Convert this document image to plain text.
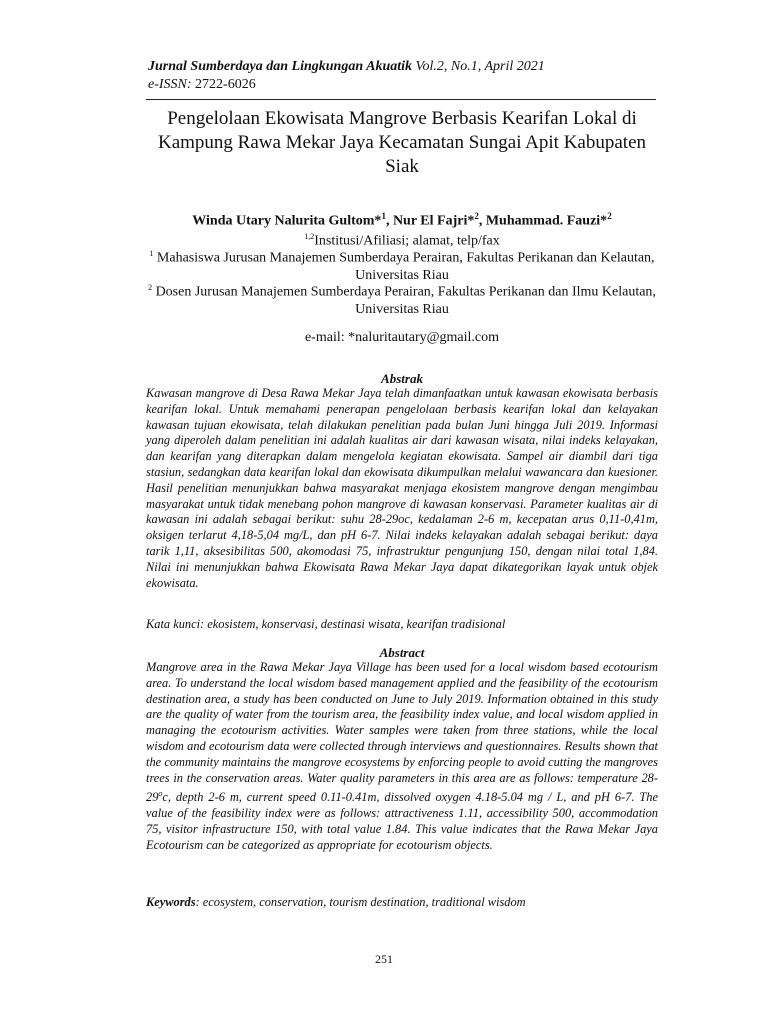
Jurnal Sumberdaya dan Lingkungan Akuatik Vol.2, No.1, April 2021
e-ISSN: 2722-6026
Pengelolaan Ekowisata Mangrove Berbasis Kearifan Lokal di Kampung Rawa Mekar Jaya Kecamatan Sungai Apit Kabupaten Siak
Winda Utary Nalurita Gultom*$^1$, Nur El Fajri*$^2$, Muhammad. Fauzi*$^2$
$^{1,2}$Institusi/Afiliasi; alamat, telp/fax
$^1$ Mahasiswa Jurusan Manajemen Sumberdaya Perairan, Fakultas Perikanan dan Kelautan, Universitas Riau
$^2$ Dosen Jurusan Manajemen Sumberdaya Perairan, Fakultas Perikanan dan Ilmu Kelautan, Universitas Riau
e-mail: *naluritautary@gmail.com
Abstrak
Kawasan mangrove di Desa Rawa Mekar Jaya telah dimanfaatkan untuk kawasan ekowisata berbasis kearifan lokal. Untuk memahami penerapan pengelolaan berbasis kearifan lokal dan kelayakan kawasan tujuan ekowisata, telah dilakukan penelitian pada bulan Juni hingga Juli 2019. Informasi yang diperoleh dalam penelitian ini adalah kualitas air dari kawasan wisata, nilai indeks kelayakan, dan kearifan yang diterapkan dalam mengelola kegiatan ekowisata. Sampel air diambil dari tiga stasiun, sedangkan data kearifan lokal dan ekowisata dikumpulkan melalui wawancara dan kuesioner. Hasil penelitian menunjukkan bahwa masyarakat menjaga ekosistem mangrove dengan mengimbau masyarakat untuk tidak menebang pohon mangrove di kawasan konservasi. Parameter kualitas air di kawasan ini adalah sebagai berikut: suhu 28-29oc, kedalaman 2-6 m, kecepatan arus 0,11-0,41m, oksigen terlarut 4,18-5,04 mg/L, dan pH 6-7. Nilai indeks kelayakan adalah sebagai berikut: daya tarik 1,11, aksesibilitas 500, akomodasi 75, infrastruktur pengunjung 150, dengan nilai total 1,84. Nilai ini menunjukkan bahwa Ekowisata Rawa Mekar Jaya dapat dikategorikan layak untuk objek ekowisata.
Kata kunci: ekosistem, konservasi, destinasi wisata, kearifan tradisional
Abstract
Mangrove area in the Rawa Mekar Jaya Village has been used for a local wisdom based ecotourism area. To understand the local wisdom based management applied and the feasibility of the ecotourism destination area, a study has been conducted on June to July 2019. Information obtained in this study are the quality of water from the tourism area, the feasibility index value, and local wisdom applied in managing the ecotourism activities. Water samples were taken from three stations, while the local wisdom and ecotourism data were collected through interviews and questionnaires. Results shown that the community maintains the mangrove ecosystems by enforcing people to avoid cutting the mangroves trees in the conservation areas. Water quality parameters in this area are as follows: temperature 28-29$^o$c, depth 2-6 m, current speed 0.11-0.41m, dissolved oxygen 4.18-5.04 mg / L, and pH 6-7. The value of the feasibility index were as follows: attractiveness 1.11, accessibility 500, accommodation 75, visitor infrastructure 150, with total value 1.84. This value indicates that the Rawa Mekar Jaya Ecotourism can be categorized as appropriate for ecotourism objects.
Keywords: ecosystem, conservation, tourism destination, traditional wisdom
251
